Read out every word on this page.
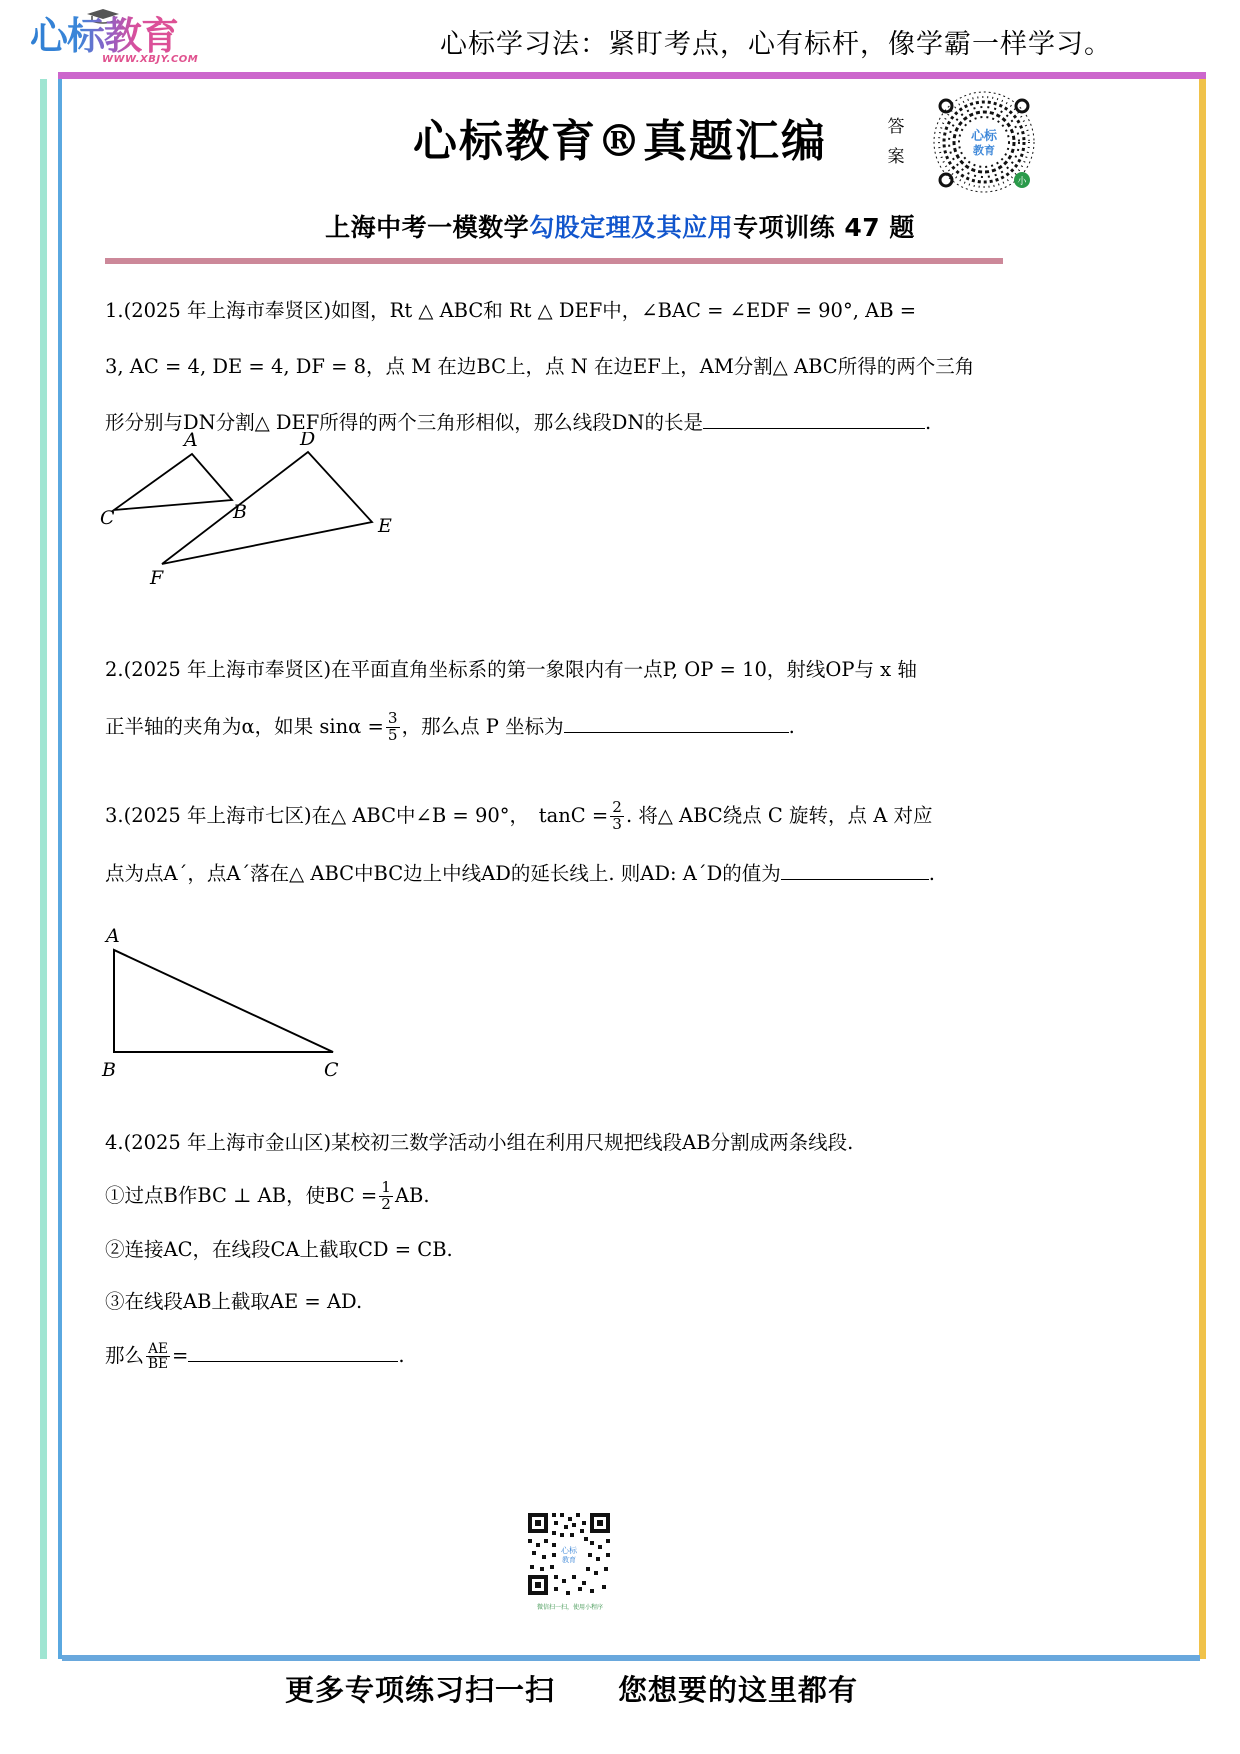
心标教育
WWW.XBJY.COM	心标学习法：紧盯考点，心有标杆，像学霸一样学习。
心标教育®真题汇编	答
案
心标
教育
小
上海中考一模数学勾股定理及其应用专项训练 47 题

1.(2025 年上海市奉贤区)如图，Rt △ ABC和 Rt △ DEF中，∠BAC = ∠EDF = 90°, AB =

3, AC = 4, DE = 4, DF = 8，点 M 在边BC上，点 N 在边EF上，AM分割△ ABC所得的两个三角

形分别与DN分割△ DEF所得的两个三角形相似，那么线段DN的长是	.

A	D
B
C	E
F

2.(2025 年上海市奉贤区)在平面直角坐标系的第一象限内有一点P, OP = 10，射线OP与 x 轴

正半轴的夹角为α，如果 $\sin\alpha = \frac{3}{5}$ ，那么点 P 坐标为	.

3.(2025 年上海市七区)在△ ABC中∠B = 90°，　$\tan C = \frac{2}{3}$ . 将△ ABC绕点 C 旋转，点 A 对应

点为点A´，点A´落在△ ABC中BC边上中线AD的延长线上. 则AD: A´D的值为	.

A
B	C

4.(2025 年上海市金山区)某校初三数学活动小组在利用尺规把线段AB分割成两条线段.

①过点B作BC ⊥ AB，使BC = $\frac{1}{2}$ AB.

②连接AC，在线段CA上截取CD = CB.

③在线段AB上截取AE = AD.

那么 $\frac{AE}{BE}$ =	.

心标
教育
微信扫一扫，使用小程序
更多专项练习扫一扫 您想要的这里都有
